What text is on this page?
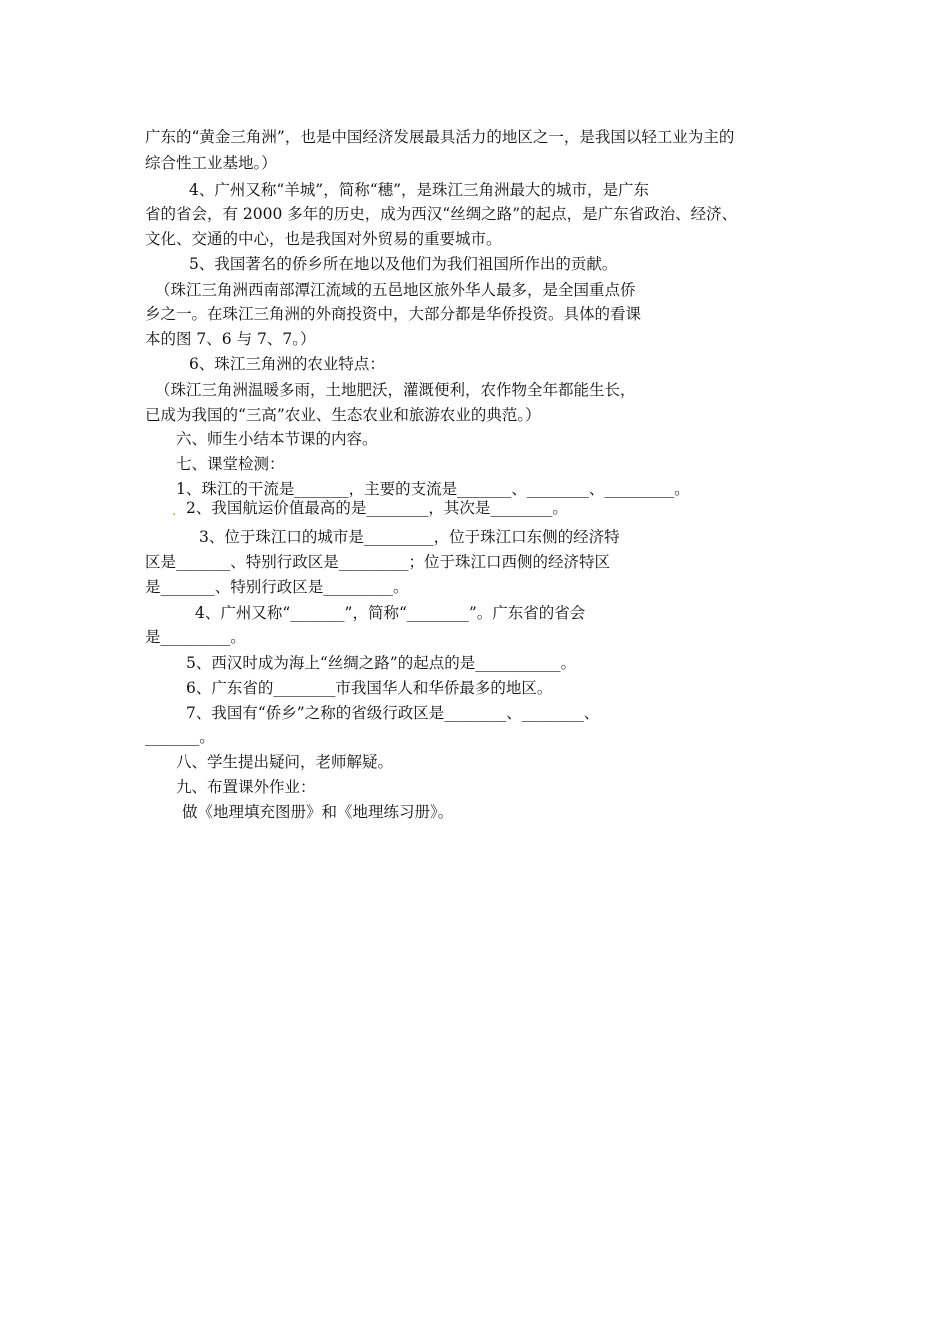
广东的“黄金三角洲”，也是中国经济发展最具活力的地区之一，是我国以轻工业为主的
综合性工业基地。）
4、广州又称“羊城”，简称“穗”，是珠江三角洲最大的城市，是广东
省的省会，有 2000 多年的历史，成为西汉“丝绸之路”的起点，是广东省政治、经济、
文化、交通的中心，也是我国对外贸易的重要城市。
5、我国著名的侨乡所在地以及他们为我们祖国所作出的贡献。
（珠江三角洲西南部潭江流域的五邑地区旅外华人最多，是全国重点侨
乡之一。在珠江三角洲的外商投资中，大部分都是华侨投资。具体的看课
本的图 7、6 与 7、7。）
6、珠江三角洲的农业特点：
（珠江三角洲温暖多雨，土地肥沃，灌溉便利，农作物全年都能生长，
已成为我国的“三高”农业、生态农业和旅游农业的典范。）
六、师生小结本节课的内容。
七、课堂检测：
1、珠江的干流是_______，主要的支流是_______、________、_________。
. 2、我国航运价值最高的是________，其次是________。
3、位于珠江口的城市是_________，位于珠江口东侧的经济特
区是_______、特别行政区是_________；位于珠江口西侧的经济特区
是_______、特别行政区是_________。
4、广州又称“_______”，简称“________”。广东省的省会
是_________。
5、西汉时成为海上“丝绸之路”的起点的是___________。
6、广东省的________市我国华人和华侨最多的地区。
7、我国有“侨乡”之称的省级行政区是________、________、
_______。
八、学生提出疑问，老师解疑。
九、布置课外作业：
做《地理填充图册》和《地理练习册》。
